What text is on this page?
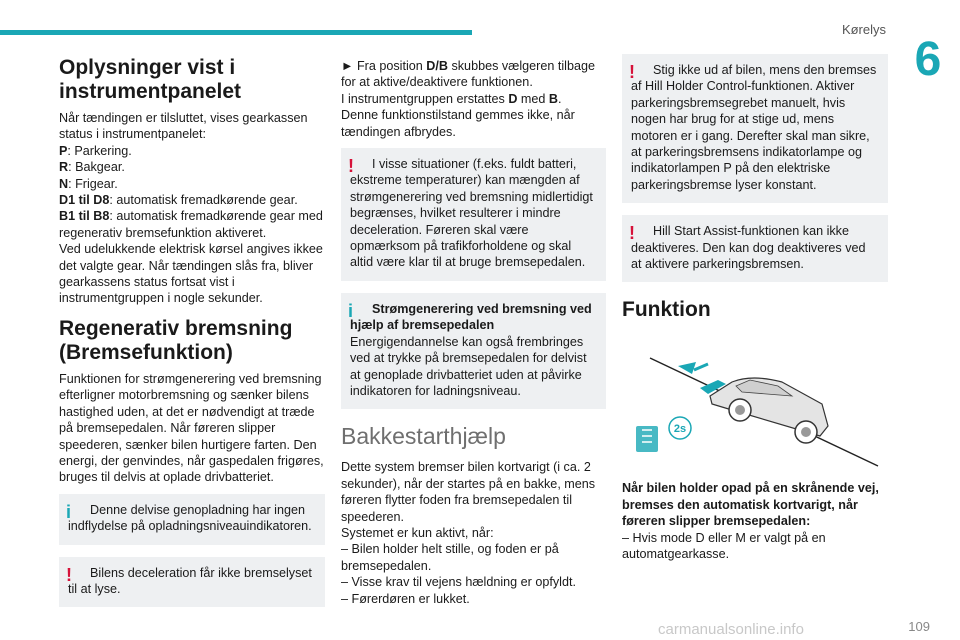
Kørelys
6
Oplysninger vist i instrumentpanelet

Når tændingen er tilsluttet, vises gearkassen status i instrumentpanelet:

P: Parkering.
R: Bakgear.
N: Frigear.
D1 til D8: automatisk fremadkørende gear.
B1 til B8: automatisk fremadkørende gear med regenerativ bremsefunktion aktiveret.

Ved udelukkende elektrisk kørsel angives ikkee det valgte gear. Når tændingen slås fra, bliver gearkassens status fortsat vist i instrumentgruppen i nogle sekunder.

Regenerativ bremsning (Bremsefunktion)

Funktionen for strømgenerering ved bremsning efterligner motorbremsning og sænker bilens hastighed uden, at det er nødvendigt at træde på bremsepedalen. Når føreren slipper speederen, sænker bilen hurtigere farten. Den energi, der genvindes, når gaspedalen frigøres, bruges til delvis at oplade drivbatteriet.

i	Denne delvise genopladning har ingen indflydelse på opladningsniveauindikatoren.
!	Bilens deceleration får ikke bremselyset til at lyse.

► Fra position D/B skubbes vælgeren tilbage for at aktive/deaktivere funktionen.

I instrumentgruppen erstattes D med B.

Denne funktionstilstand gemmes ikke, når tændingen afbrydes.

!	I visse situationer (f.eks. fuldt batteri, ekstreme temperaturer) kan mængden af strømgenerering ved bremsning midlertidigt begrænses, hvilket resulterer i mindre deceleration. Føreren skal være opmærksom på trafikforholdene og skal altid være klar til at bruge bremsepedalen.
i	Strømgenerering ved bremsning ved hjælp af bremsepedalen
Energigendannelse kan også frembringes ved at trykke på bremsepedalen for delvist at genoplade drivbatteriet uden at påvirke indikatoren for ladningsniveau.
Bakkestarthjælp

Dette system bremser bilen kortvarigt (i ca. 2 sekunder), når der startes på en bakke, mens føreren flytter foden fra bremsepedalen til speederen.

Systemet er kun aktivt, når:

– Bilen holder helt stille, og foden er på bremsepedalen.
– Visse krav til vejens hældning er opfyldt.
– Førerdøren er lukket.
!	Stig ikke ud af bilen, mens den bremses af Hill Holder Control-funktionen. Aktiver parkeringsbremsegrebet manuelt, hvis nogen har brug for at stige ud, mens motoren er i gang. Derefter skal man sikre, at parkeringsbremsens indikatorlampe og indikatorlampen P på den elektriske parkeringsbremse lyser konstant.
!	Hill Start Assist-funktionen kan ikke deaktiveres. Den kan dog deaktiveres ved at aktivere parkeringsbremsen.
Funktion
2s

Når bilen holder opad på en skrånende vej, bremses den automatisk kortvarigt, når føreren slipper bremsepedalen:

– Hvis mode D eller M er valgt på en automatgearkasse.

carmanualsonline.info	109
